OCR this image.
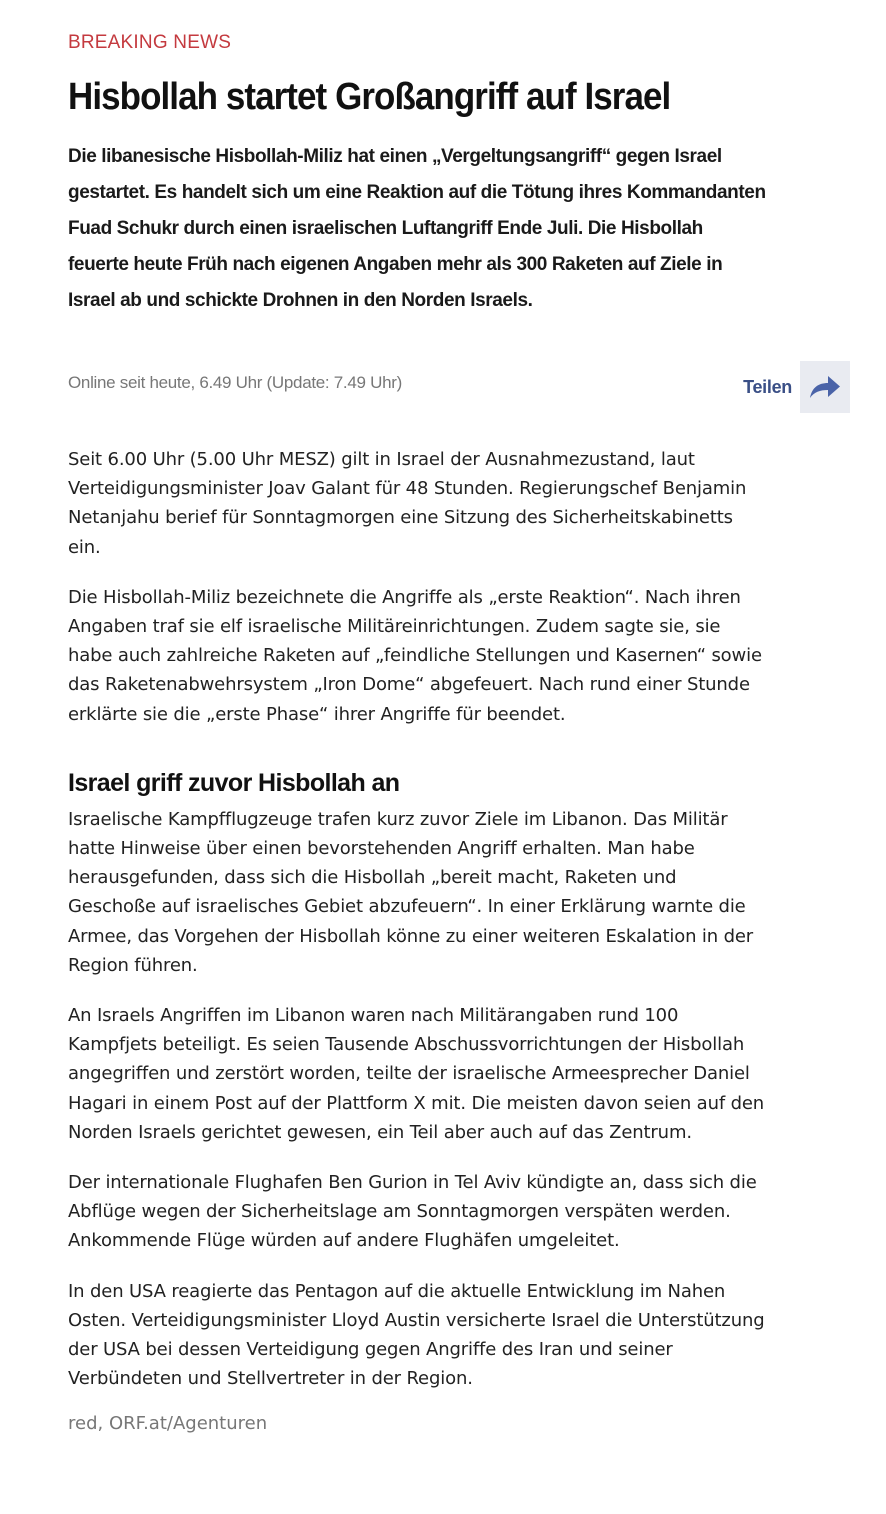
BREAKING NEWS
Hisbollah startet Großangriff auf Israel

Die libanesische Hisbollah-Miliz hat einen „Vergeltungsangriff“ gegen Israel gestartet. Es handelt sich um eine Reaktion auf die Tötung ihres Kommandanten Fuad Schukr durch einen israelischen Luftangriff Ende Juli. Die Hisbollah feuerte heute Früh nach eigenen Angaben mehr als 300 Raketen auf Ziele in Israel ab und schickte Drohnen in den Norden Israels.

Online seit heute, 6.49 Uhr (Update: 7.49 Uhr)	Teilen

Seit 6.00 Uhr (5.00 Uhr MESZ) gilt in Israel der Ausnahmezustand, laut Verteidigungsminister Joav Galant für 48 Stunden. Regierungschef Benjamin Netanjahu berief für Sonntagmorgen eine Sitzung des Sicherheitskabinetts ein.

Die Hisbollah-Miliz bezeichnete die Angriffe als „erste Reaktion“. Nach ihren Angaben traf sie elf israelische Militäreinrichtungen. Zudem sagte sie, sie habe auch zahlreiche Raketen auf „feindliche Stellungen und Kasernen“ sowie das Raketenabwehrsystem „Iron Dome“ abgefeuert. Nach rund einer Stunde erklärte sie die „erste Phase“ ihrer Angriffe für beendet.

Israel griff zuvor Hisbollah an

Israelische Kampfflugzeuge trafen kurz zuvor Ziele im Libanon. Das Militär hatte Hinweise über einen bevorstehenden Angriff erhalten. Man habe herausgefunden, dass sich die Hisbollah „bereit macht, Raketen und Geschoße auf israelisches Gebiet abzufeuern“. In einer Erklärung warnte die Armee, das Vorgehen der Hisbollah könne zu einer weiteren Eskalation in der Region führen.

An Israels Angriffen im Libanon waren nach Militärangaben rund 100 Kampfjets beteiligt. Es seien Tausende Abschussvorrichtungen der Hisbollah angegriffen und zerstört worden, teilte der israelische Armeesprecher Daniel Hagari in einem Post auf der Plattform X mit. Die meisten davon seien auf den Norden Israels gerichtet gewesen, ein Teil aber auch auf das Zentrum.

Der internationale Flughafen Ben Gurion in Tel Aviv kündigte an, dass sich die Abflüge wegen der Sicherheitslage am Sonntagmorgen verspäten werden. Ankommende Flüge würden auf andere Flughäfen umgeleitet.

In den USA reagierte das Pentagon auf die aktuelle Entwicklung im Nahen Osten. Verteidigungsminister Lloyd Austin versicherte Israel die Unterstützung der USA bei dessen Verteidigung gegen Angriffe des Iran und seiner Verbündeten und Stellvertreter in der Region.

red, ORF.at/Agenturen
